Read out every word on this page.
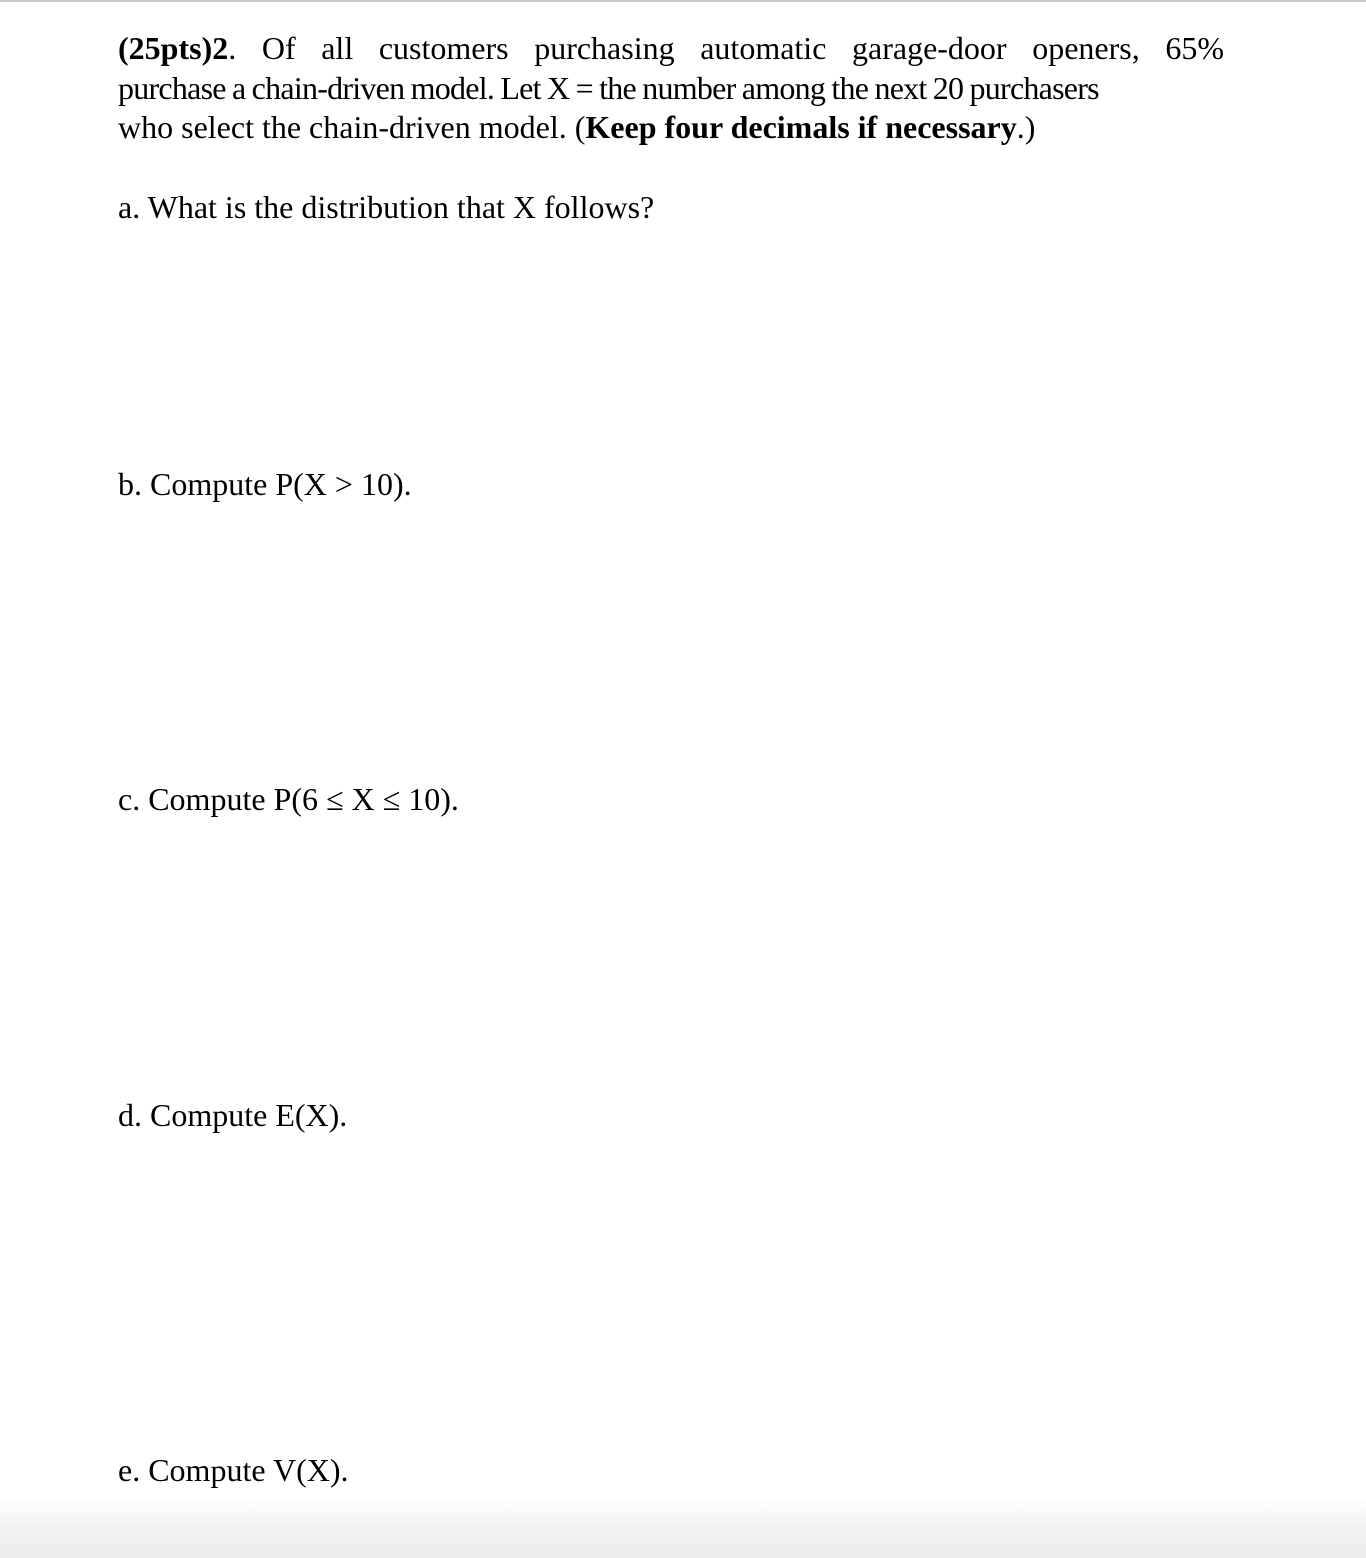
(25pts)2. Of all customers purchasing automatic garage-door openers, 65%
purchase a chain-driven model. Let X = the number among the next 20 purchasers
who select the chain-driven model. (Keep four decimals if necessary.)

a. What is the distribution that X follows?

b. Compute P(X > 10).

c. Compute P(6 ≤ X ≤ 10).

d. Compute E(X).

e. Compute V(X).
